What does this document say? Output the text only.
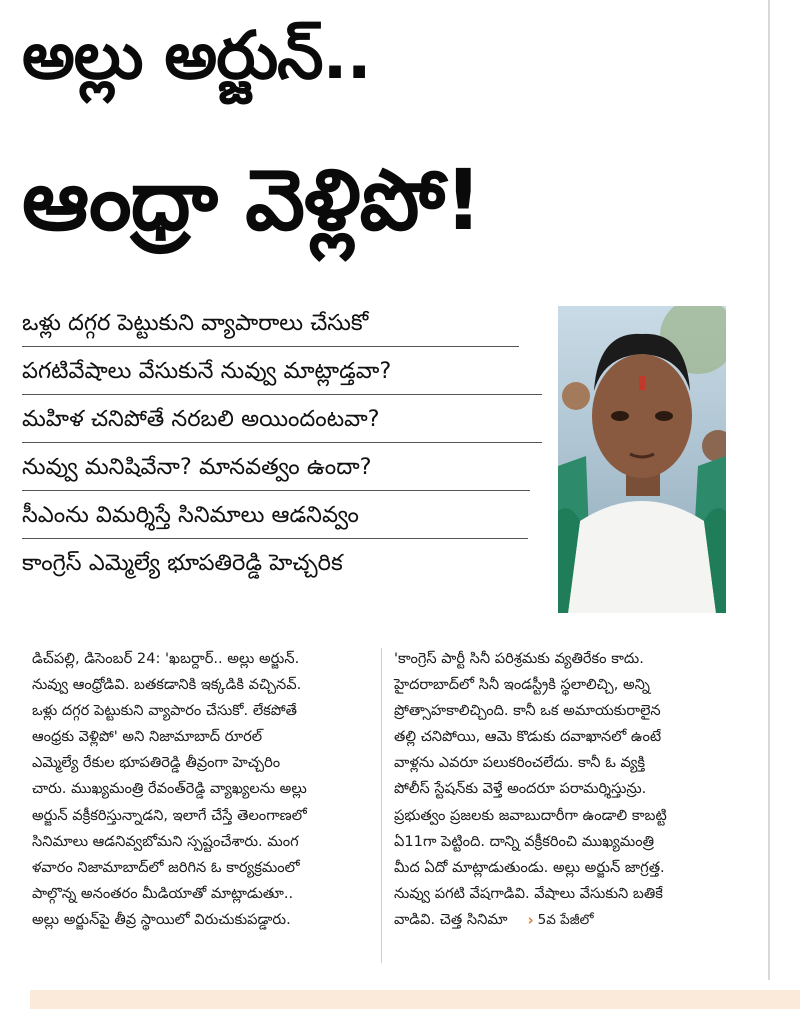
అల్లు అర్జున్..
ఆంధ్రా వెళ్లిపో!
ఒళ్లు దగ్గర పెట్టుకుని వ్యాపారాలు చేసుకో
పగటివేషాలు వేసుకునే నువ్వు మాట్లాడ్తవా?
మహిళ చనిపోతే నరబలి అయిందంటవా?
నువ్వు మనిషివేనా? మానవత్వం ఉందా?
సీఎంను విమర్శిస్తే సినిమాలు ఆడనివ్వం
కాంగ్రెస్ ఎమ్మెల్యే భూపతిరెడ్డి హెచ్చరిక
డిచ్‌పల్లి, డిసెంబర్ 24: 'ఖబర్దార్.. అల్లు అర్జున్.
నువ్వు ఆంధ్రోడివి. బతకడానికి ఇక్కడికి వచ్చినవ్.
ఒళ్లు దగ్గర పెట్టుకుని వ్యాపారం చేసుకో. లేకపోతే
ఆంధ్రకు వెళ్లిపో' అని నిజామాబాద్ రూరల్
ఎమ్మెల్యే రేకుల భూపతిరెడ్డి తీవ్రంగా హెచ్చరిం
చారు. ముఖ్యమంత్రి రేవంత్‌రెడ్డి వ్యాఖ్యలను అల్లు
అర్జున్ వక్రీకరిస్తున్నాడని, ఇలాగే చేస్తే తెలంగాణలో
సినిమాలు ఆడనివ్వబోమని స్పష్టంచేశారు. మంగ
ళవారం నిజామాబాద్‌లో జరిగిన ఓ కార్యక్రమంలో
పాల్గొన్న అనంతరం మీడియాతో మాట్లాడుతూ..
అల్లు అర్జున్‌పై తీవ్ర స్థాయిలో విరుచుకుపడ్డారు.
'కాంగ్రెస్ పార్టీ సినీ పరిశ్రమకు వ్యతిరేకం కాదు.
హైదరాబాద్‌లో సినీ ఇండస్ట్రీకి స్థలాలిచ్చి, అన్ని
ప్రోత్సాహకాలిచ్చింది. కానీ ఒక అమాయకురాలైన
తల్లి చనిపోయి, ఆమె కొడుకు దవాఖానలో ఉంటే
వాళ్లను ఎవరూ పలుకరించలేదు. కానీ ఓ వ్యక్తి
పోలీస్ స్టేషన్‌కు వెళ్తే అందరూ పరామర్శిస్తున్రు.
ప్రభుత్వం ప్రజలకు జవాబుదారీగా ఉండాలి కాబట్టి
ఏ11గా పెట్టింది. దాన్ని వక్రీకరించి ముఖ్యమంత్రి
మీద ఏదో మాట్లాడుతుండు. అల్లు అర్జున్ జాగ్రత్త.
నువ్వు పగటి వేషగాడివి. వేషాలు వేసుకుని బతికే
వాడివి. చెత్త సినిమా › 5వ పేజీలో
